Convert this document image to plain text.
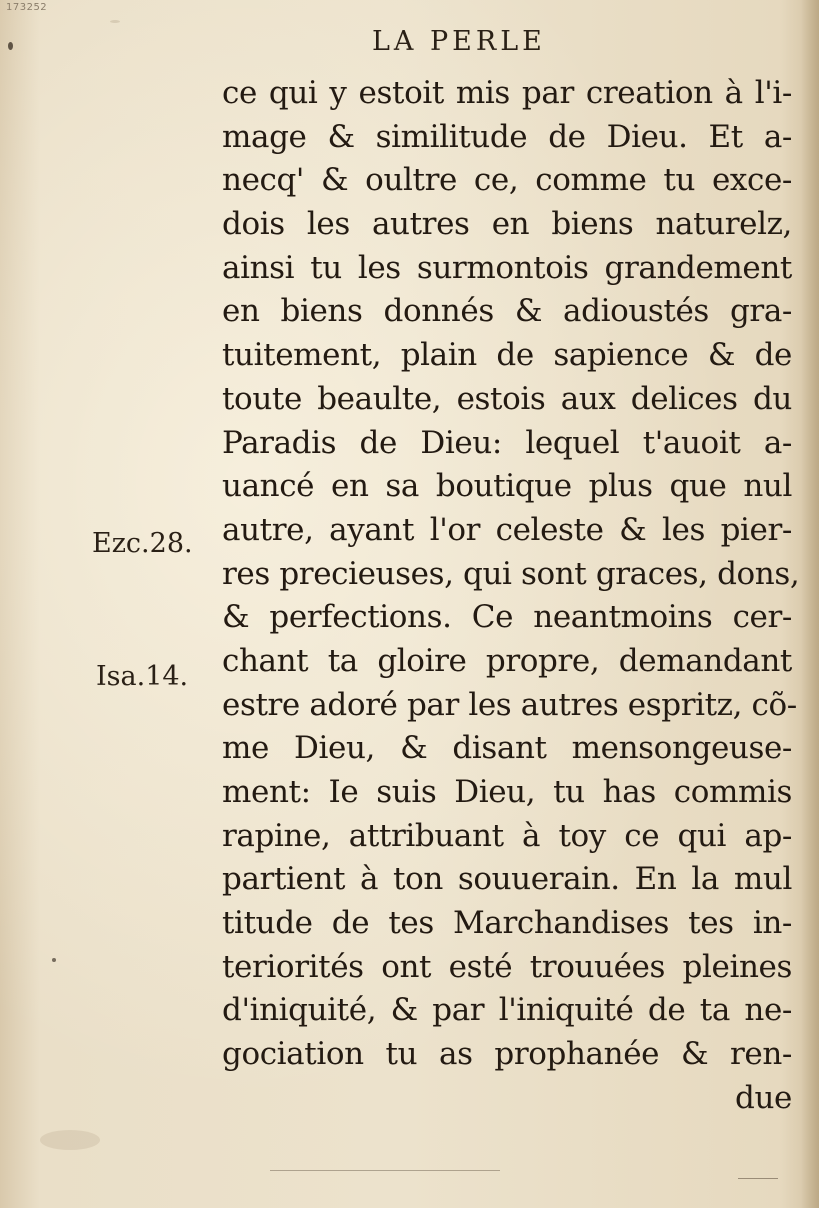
173252
LA PERLE
Ezc.28.
Isa.14.
ce qui y estoit mis par creation à l'i-
mage & similitude de Dieu. Et a-
necq' & oultre ce, comme tu exce-
dois les autres en biens naturelz,
ainsi tu les surmontois grandement
en biens donnés & adioustés gra-
tuitement, plain de sapience & de
toute beaulte, estois aux delices du
Paradis de Dieu: lequel t'auoit a-
uancé en sa boutique plus que nul
autre, ayant l'or celeste & les pier-
res precieuses, qui sont graces, dons,
& perfections. Ce neantmoins cer-
chant ta gloire propre, demandant
estre adoré par les autres espritz, cõ-
me Dieu, & disant mensongeuse-
ment: Ie suis Dieu, tu has commis
rapine, attribuant à toy ce qui ap-
partient à ton souuerain. En la mul
titude de tes Marchandises tes in-
teriorités ont esté trouuées pleines
d'iniquité, & par l'iniquité de ta ne-
gociation tu as prophanée & ren-
due
